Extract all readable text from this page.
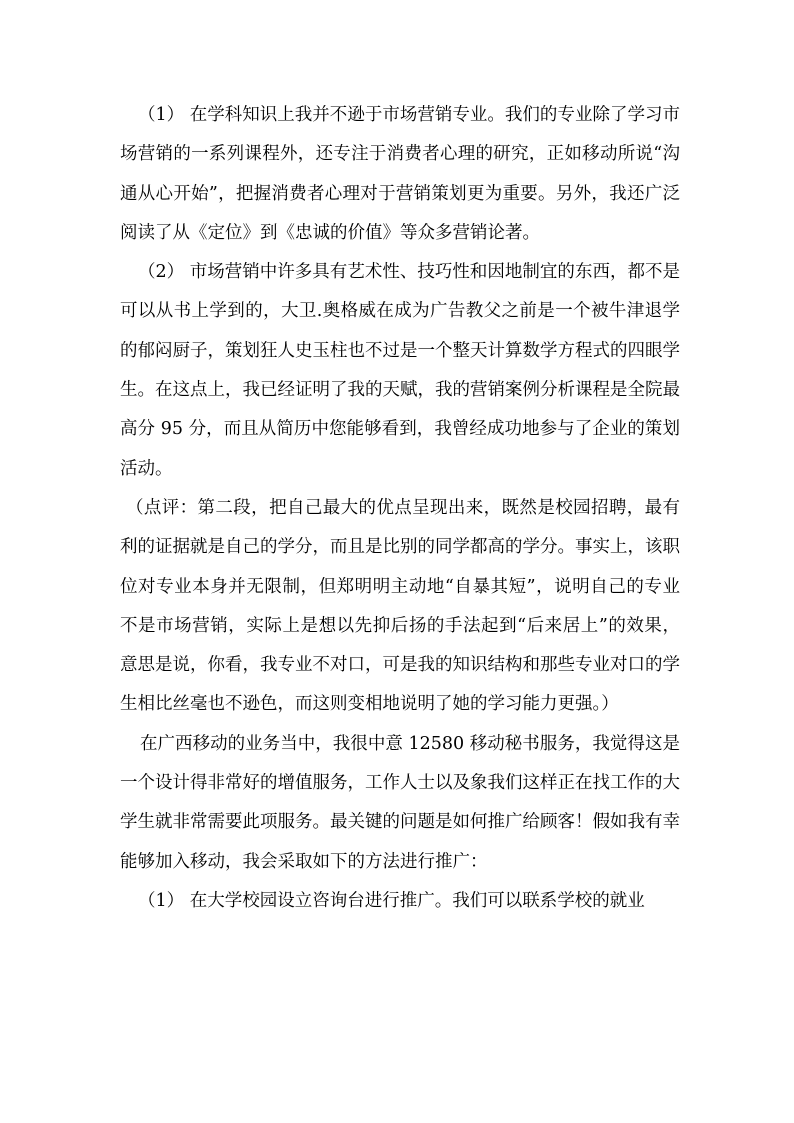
（1） 在学科知识上我并不逊于市场营销专业。我们的专业除了学习市场营销的一系列课程外，还专注于消费者心理的研究，正如移动所说“沟通从心开始”，把握消费者心理对于营销策划更为重要。另外，我还广泛阅读了从《定位》到《忠诚的价值》等众多营销论著。

（2） 市场营销中许多具有艺术性、技巧性和因地制宜的东西，都不是可以从书上学到的，大卫.奥格威在成为广告教父之前是一个被牛津退学的郁闷厨子，策划狂人史玉柱也不过是一个整天计算数学方程式的四眼学生。在这点上，我已经证明了我的天赋，我的营销案例分析课程是全院最高分 95 分，而且从简历中您能够看到，我曾经成功地参与了企业的策划活动。

（点评：第二段，把自己最大的优点呈现出来，既然是校园招聘，最有利的证据就是自己的学分，而且是比别的同学都高的学分。事实上，该职位对专业本身并无限制，但郑明明主动地“自暴其短”，说明自己的专业不是市场营销，实际上是想以先抑后扬的手法起到“后来居上”的效果，意思是说，你看，我专业不对口，可是我的知识结构和那些专业对口的学生相比丝毫也不逊色，而这则变相地说明了她的学习能力更强。）

在广西移动的业务当中，我很中意 12580 移动秘书服务，我觉得这是一个设计得非常好的增值服务，工作人士以及象我们这样正在找工作的大学生就非常需要此项服务。最关键的问题是如何推广给顾客！假如我有幸能够加入移动，我会采取如下的方法进行推广：

（1） 在大学校园设立咨询台进行推广。我们可以联系学校的就业
